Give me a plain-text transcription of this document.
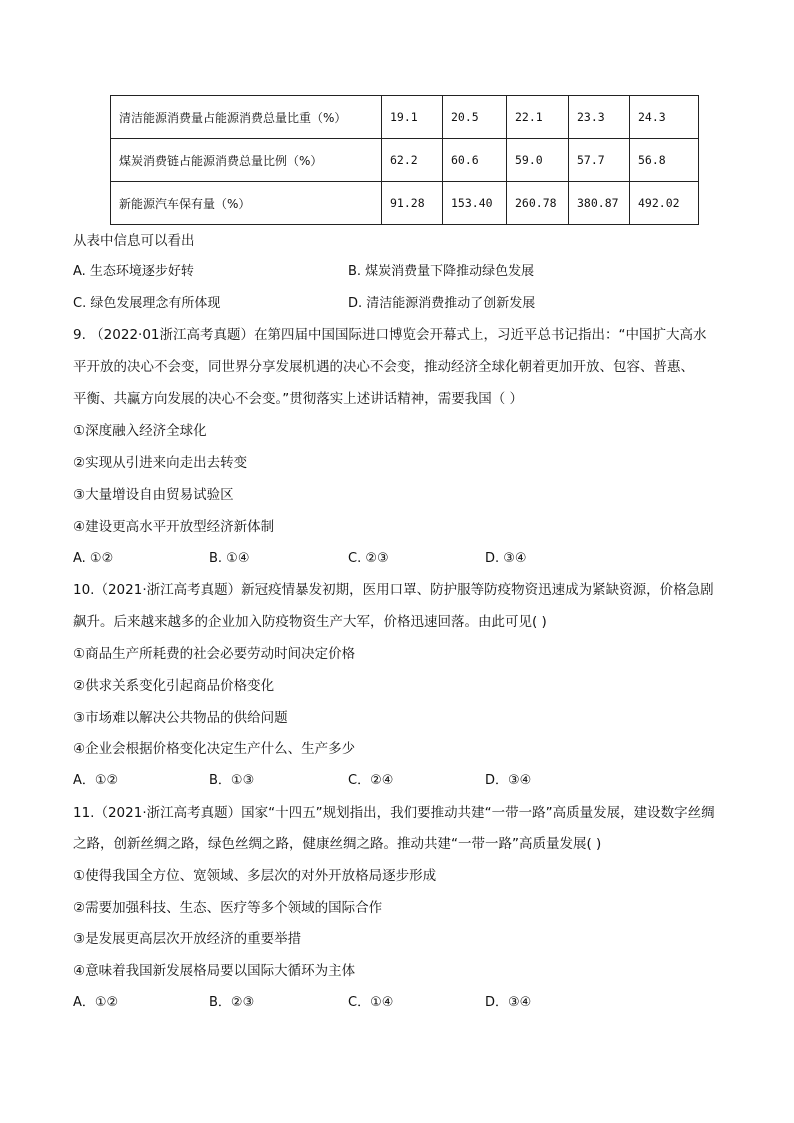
清洁能源消费量占能源消费总量比重（%）	19.1	20.5	22.1	23.3	24.3
煤炭消费链占能源消费总量比例（%）	62.2	60.6	59.0	57.7	56.8
新能源汽车保有量（%）	91.28	153.40	260.78	380.87	492.02
从表中信息可以看出
A. 生态环境逐步好转	B. 煤炭消费量下降推动绿色发展
C. 绿色发展理念有所体现	D. 清洁能源消费推动了创新发展
9. （2022·01浙江高考真题）在第四届中国国际进口博览会开幕式上，习近平总书记指出：“中国扩大高水
平开放的决心不会变，同世界分享发展机遇的决心不会变，推动经济全球化朝着更加开放、包容、普惠、
平衡、共赢方向发展的决心不会变。”贯彻落实上述讲话精神，需要我国（ ）
①深度融入经济全球化
②实现从引进来向走出去转变
③大量增设自由贸易试验区
④建设更高水平开放型经济新体制
A. ①②	B. ①④	C. ②③	D. ③④
10.（2021·浙江高考真题）新冠疫情暴发初期，医用口罩、防护服等防疫物资迅速成为紧缺资源，价格急剧
飙升。后来越来越多的企业加入防疫物资生产大军，价格迅速回落。由此可见( )
①商品生产所耗费的社会必要劳动时间决定价格
②供求关系变化引起商品价格变化
③市场难以解决公共物品的供给问题
④企业会根据价格变化决定生产什么、生产多少
A．①②	B．①③	C．②④	D．③④
11.（2021·浙江高考真题）国家“十四五”规划指出，我们要推动共建“一带一路”高质量发展，建设数字丝绸
之路，创新丝绸之路，绿色丝绸之路，健康丝绸之路。推动共建“一带一路”高质量发展( )
①使得我国全方位、宽领域、多层次的对外开放格局逐步形成
②需要加强科技、生态、医疗等多个领域的国际合作
③是发展更高层次开放经济的重要举措
④意味着我国新发展格局要以国际大循环为主体
A．①②	B．②③	C．①④	D．③④
